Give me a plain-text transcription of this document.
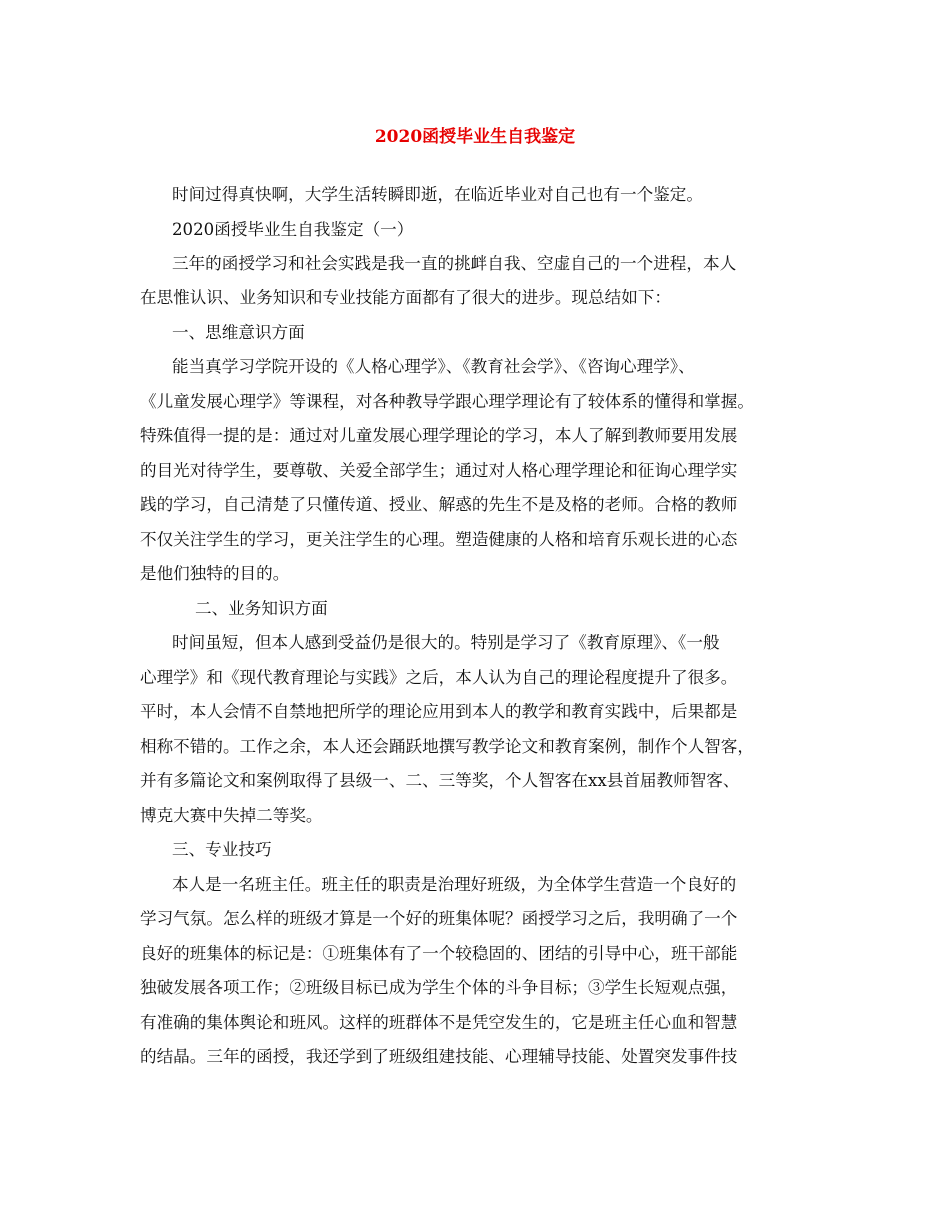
2020函授毕业生自我鉴定

时间过得真快啊，大学生活转瞬即逝，在临近毕业对自己也有一个鉴定。

2020函授毕业生自我鉴定（一）

三年的函授学习和社会实践是我一直的挑衅自我、空虚自己的一个进程，本人

在思惟认识、业务知识和专业技能方面都有了很大的进步。现总结如下：

一、思维意识方面

能当真学习学院开设的《人格心理学》、《教育社会学》、《咨询心理学》、

《儿童发展心理学》等课程，对各种教导学跟心理学理论有了较体系的懂得和掌握。

特殊值得一提的是：通过对儿童发展心理学理论的学习，本人了解到教师要用发展

的目光对待学生，要尊敬、关爱全部学生；通过对人格心理学理论和征询心理学实

践的学习，自己清楚了只懂传道、授业、解惑的先生不是及格的老师。合格的教师

不仅关注学生的学习，更关注学生的心理。塑造健康的人格和培育乐观长进的心态

是他们独特的目的。

二、业务知识方面

时间虽短，但本人感到受益仍是很大的。特别是学习了《教育原理》、《一般

心理学》和《现代教育理论与实践》之后，本人认为自己的理论程度提升了很多。

平时，本人会情不自禁地把所学的理论应用到本人的教学和教育实践中，后果都是

相称不错的。工作之余，本人还会踊跃地撰写教学论文和教育案例，制作个人智客，

并有多篇论文和案例取得了县级一、二、三等奖，个人智客在xx县首届教师智客、

博克大赛中失掉二等奖。

三、专业技巧

本人是一名班主任。班主任的职责是治理好班级，为全体学生营造一个良好的

学习气氛。怎么样的班级才算是一个好的班集体呢？函授学习之后，我明确了一个

良好的班集体的标记是：①班集体有了一个较稳固的、团结的引导中心，班干部能

独破发展各项工作；②班级目标已成为学生个体的斗争目标；③学生长短观点强，

有准确的集体舆论和班风。这样的班群体不是凭空发生的，它是班主任心血和智慧

的结晶。三年的函授，我还学到了班级组建技能、心理辅导技能、处置突发事件技
